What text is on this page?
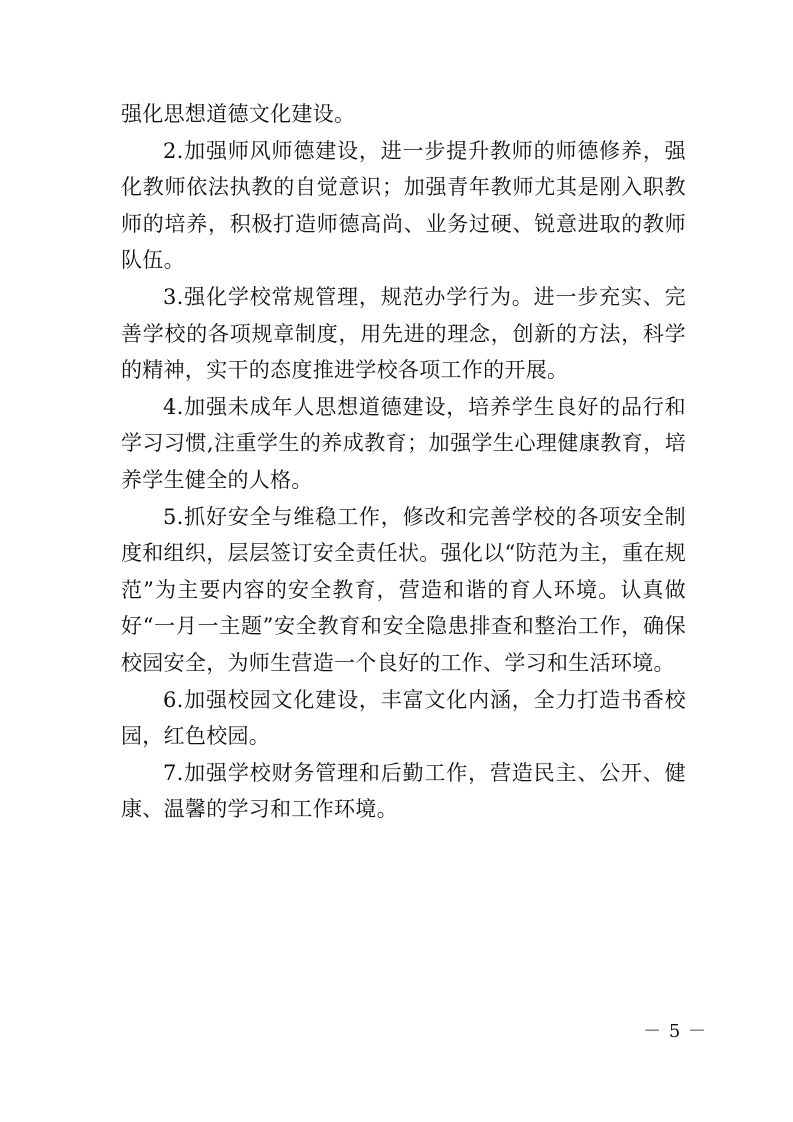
强化思想道德文化建设。

2.加强师风师德建设，进一步提升教师的师德修养，强化教师依法执教的自觉意识；加强青年教师尤其是刚入职教师的培养，积极打造师德高尚、业务过硬、锐意进取的教师队伍。

3.强化学校常规管理，规范办学行为。进一步充实、完善学校的各项规章制度，用先进的理念，创新的方法，科学的精神，实干的态度推进学校各项工作的开展。

4.加强未成年人思想道德建设，培养学生良好的品行和学习习惯,注重学生的养成教育；加强学生心理健康教育，培养学生健全的人格。

5.抓好安全与维稳工作，修改和完善学校的各项安全制度和组织，层层签订安全责任状。强化以“防范为主，重在规范”为主要内容的安全教育，营造和谐的育人环境。认真做好“一月一主题”安全教育和安全隐患排查和整治工作，确保校园安全，为师生营造一个良好的工作、学习和生活环境。

6.加强校园文化建设，丰富文化内涵，全力打造书香校园，红色校园。

7.加强学校财务管理和后勤工作，营造民主、公开、健康、温馨的学习和工作环境。

－ 5 －
